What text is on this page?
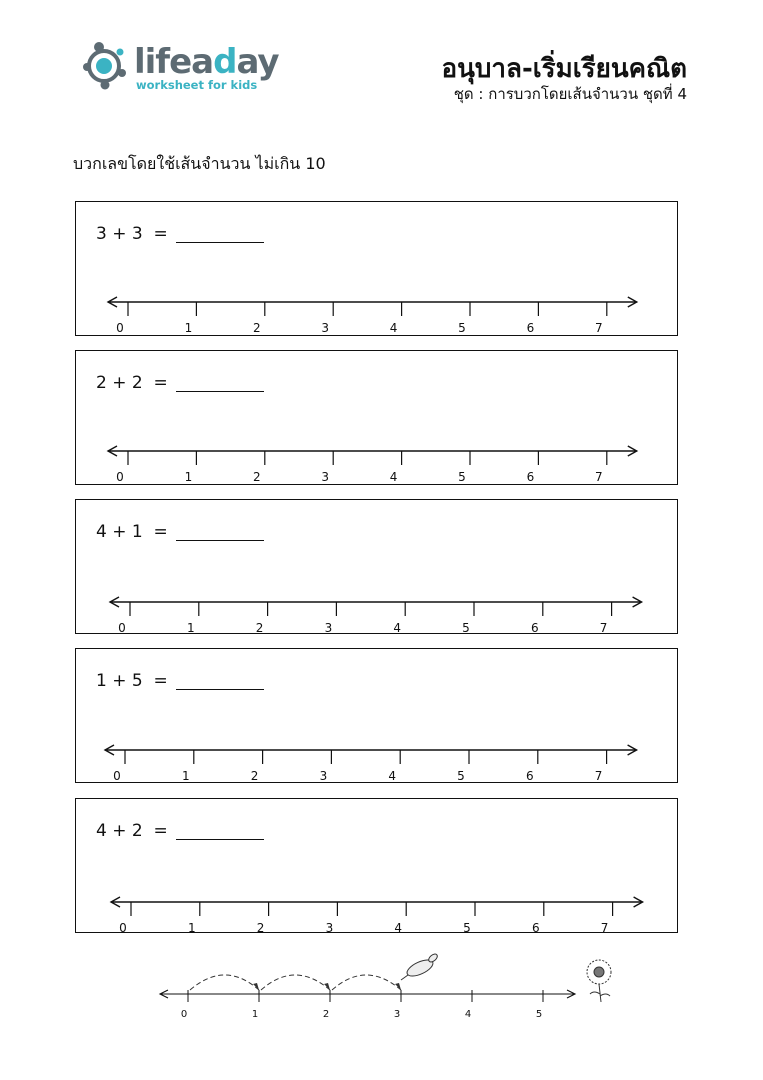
lifeaday
worksheet for kids
อนุบาล-เริ่มเรียนคณิต
ชุด : การบวกโดยเส้นจำนวน ชุดที่ 4
บวกเลขโดยใช้เส้นจำนวน ไม่เกิน 10
3 + 3  =
0	1	2	3	4	5	6	7
2 + 2  =
0	1	2	3	4	5	6	7
4 + 1  =
0	1	2	3	4	5	6	7
1 + 5  =
0	1	2	3	4	5	6	7
4 + 2  =
0	1	2	3	4	5	6	7
0	1	2	3	4	5
